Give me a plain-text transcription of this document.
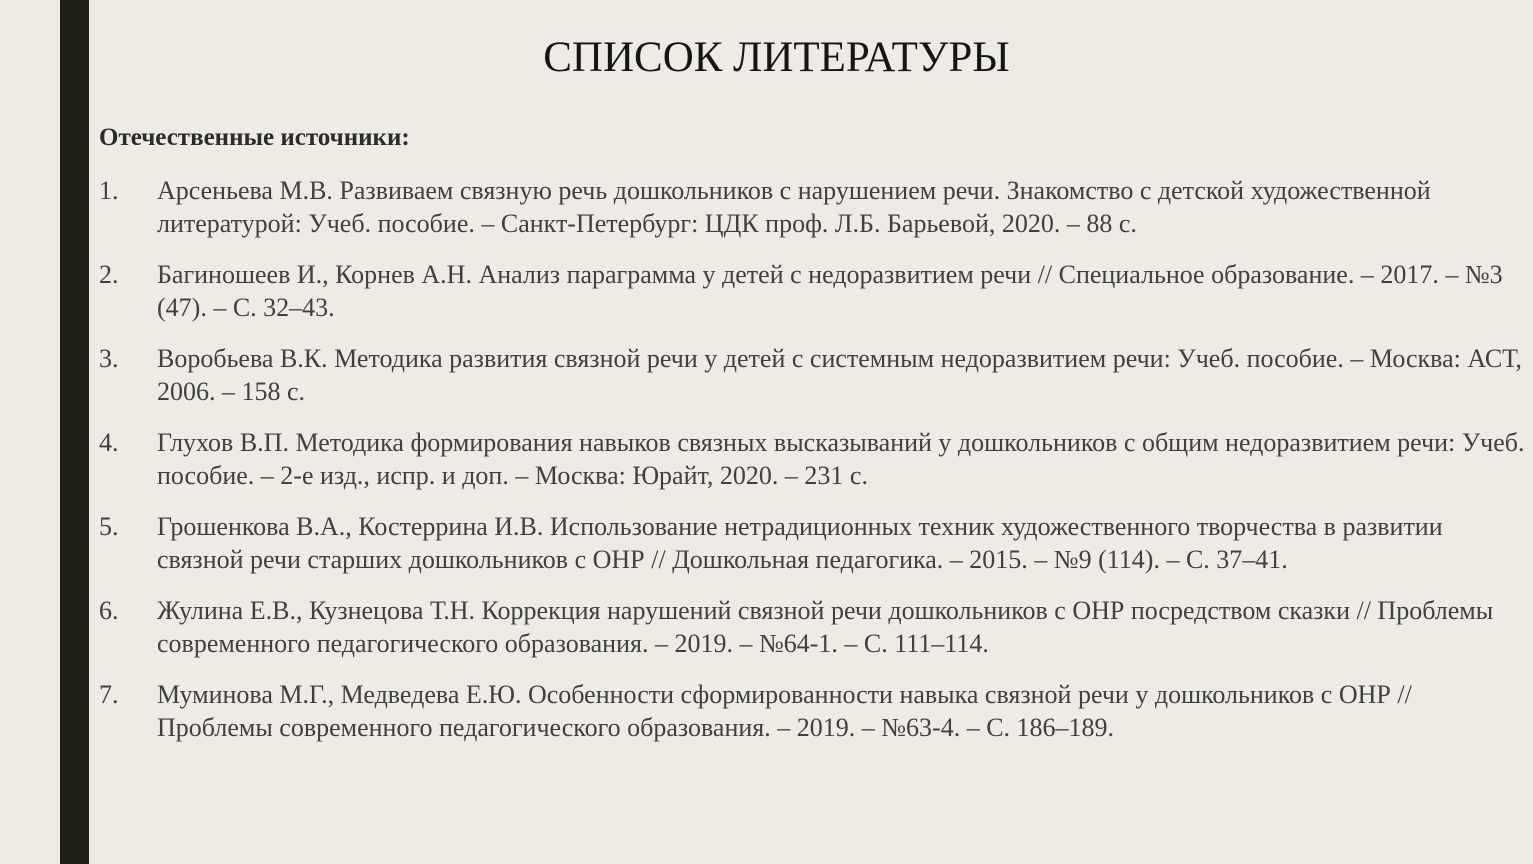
СПИСОК ЛИТЕРАТУРЫ
Отечественные источники:
1.	Арсеньева М.В. Развиваем связную речь дошкольников с нарушением речи. Знакомство с детской художественной литературой: Учеб. пособие. – Санкт-Петербург: ЦДК проф. Л.Б. Барьевой, 2020. – 88 с.
2.	Багиношеев И., Корнев А.Н. Анализ параграмма у детей с недоразвитием речи // Специальное образование. – 2017. – №3 (47). – С. 32–43.
3.	Воробьева В.К. Методика развития связной речи у детей с системным недоразвитием речи: Учеб. пособие. – Москва: АСТ, 2006. – 158 с.
4.	Глухов В.П. Методика формирования навыков связных высказываний у дошкольников с общим недоразвитием речи: Учеб. пособие. – 2-е изд., испр. и доп. – Москва: Юрайт, 2020. – 231 с.
5.	Грошенкова В.А., Костеррина И.В. Использование нетрадиционных техник художественного творчества в развитии связной речи старших дошкольников с ОНР // Дошкольная педагогика. – 2015. – №9 (114). – С. 37–41.
6.	Жулина Е.В., Кузнецова Т.Н. Коррекция нарушений связной речи дошкольников с ОНР посредством сказки // Проблемы современного педагогического образования. – 2019. – №64-1. – С. 111–114.
7.	Муминова М.Г., Медведева Е.Ю. Особенности сформированности навыка связной речи у дошкольников с ОНР // Проблемы современного педагогического образования. – 2019. – №63-4. – С. 186–189.
